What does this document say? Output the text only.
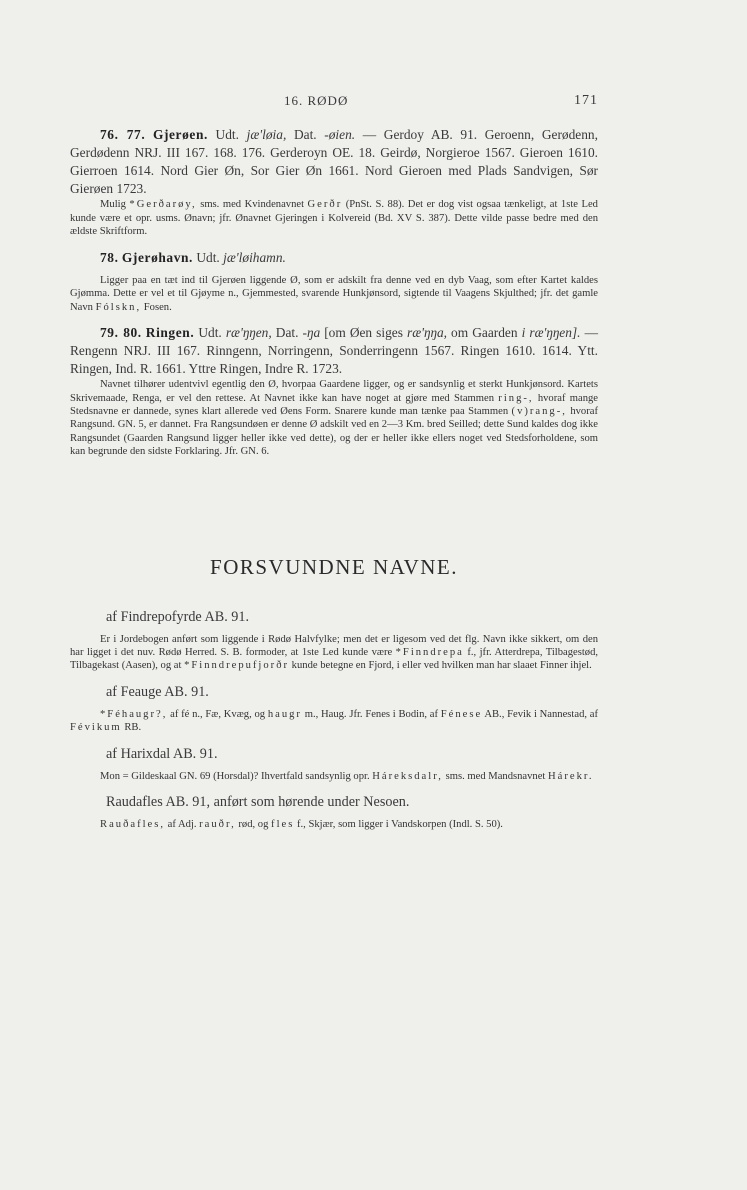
16. RØDØ	171

76. 77. Gjerøen. Udt. jæ'løia, Dat. -øien. — Gerdoy AB. 91. Geroenn, Gerødenn, Gerdødenn NRJ. III 167. 168. 176. Gerderoyn OE. 18. Geirdø, Norgieroe 1567. Gieroen 1610. Gierroen 1614. Nord Gier Øn, Sor Gier Øn 1661. Nord Gieroen med Plads Sandvigen, Sør Gierøen 1723.

Mulig *Gerðarøy, sms. med Kvindenavnet Gerðr (PnSt. S. 88). Det er dog vist ogsaa tænkeligt, at 1ste Led kunde være et opr. usms. Ønavn; jfr. Ønavnet Gjeringen i Kolvereid (Bd. XV S. 387). Dette vilde passe bedre med den ældste Skriftform.

78. Gjerøhavn. Udt. jæ'løihamn.

Ligger paa en tæt ind til Gjerøen liggende Ø, som er adskilt fra denne ved en dyb Vaag, som efter Kartet kaldes Gjømma. Dette er vel et til Gjøyme n., Gjemmested, svarende Hunkjønsord, sigtende til Vaagens Skjulthed; jfr. det gamle Navn Fólskn, Fosen.

79. 80. Ringen. Udt. ræ'ŋŋen, Dat. -ŋa [om Øen siges ræ'ŋŋa, om Gaarden i ræ'ŋŋen]. — Rengenn NRJ. III 167. Rinngenn, Norringenn, Sonderringenn 1567. Ringen 1610. 1614. Ytt. Ringen, Ind. R. 1661. Yttre Ringen, Indre R. 1723.

Navnet tilhører udentvivl egentlig den Ø, hvorpaa Gaardene ligger, og er sandsynlig et sterkt Hunkjønsord. Kartets Skrivemaade, Renga, er vel den rettese. At Navnet ikke kan have noget at gjøre med Stammen ring-, hvoraf mange Stedsnavne er dannede, synes klart allerede ved Øens Form. Snarere kunde man tænke paa Stammen (v)rang-, hvoraf Rangsund. GN. 5, er dannet. Fra Rangsundøen er denne Ø adskilt ved en 2—3 Km. bred Seilled; dette Sund kaldes dog ikke Rangsundet (Gaarden Rangsund ligger heller ikke ved dette), og der er heller ikke ellers noget ved Stedsforholdene, som kan begrunde den sidste Forklaring. Jfr. GN. 6.

FORSVUNDNE NAVNE.

af Findrepofyrde AB. 91.

Er i Jordebogen anført som liggende i Rødø Halvfylke; men det er ligesom ved det flg. Navn ikke sikkert, om den har ligget i det nuv. Rødø Herred. S. B. formoder, at 1ste Led kunde være *Finndrepa f., jfr. Atterdrepa, Tilbagestød, Tilbagekast (Aasen), og at *Finndrepufjorðr kunde betegne en Fjord, i eller ved hvilken man har slaaet Finner ihjel.

af Feauge AB. 91.

*Féhaugr?, af fé n., Fæ, Kvæg, og haugr m., Haug. Jfr. Fenes i Bodin, af Fénese AB., Fevik i Nannestad, af Févikum RB.

af Harixdal AB. 91.

Mon = Gildeskaal GN. 69 (Horsdal)? Ihvertfald sandsynlig opr. Háreksdalr, sms. med Mandsnavnet Hárekr.

Raudafles AB. 91, anført som hørende under Nesoen.

Rauðafles, af Adj. rauðr, rød, og fles f., Skjær, som ligger i Vandskorpen (Indl. S. 50).
